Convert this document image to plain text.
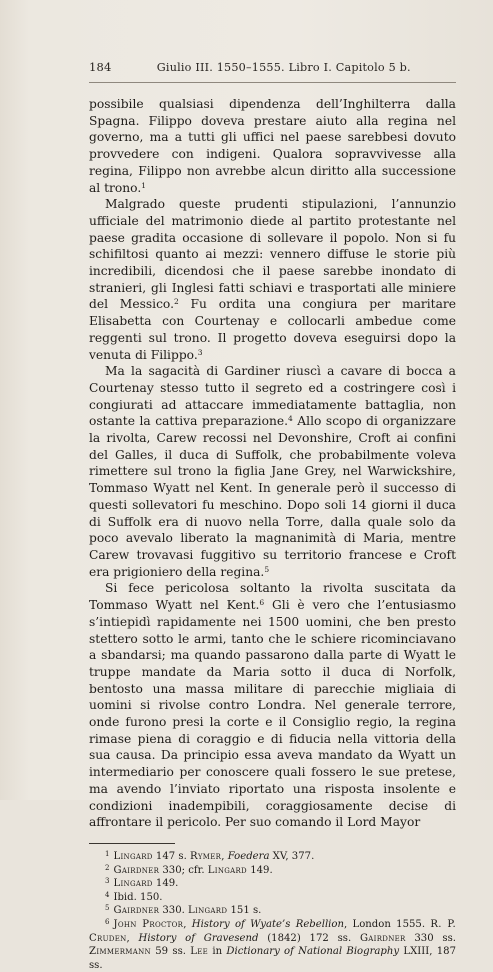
184	Giulio III. 1550–1555. Libro I. Capitolo 5 b.

possibile qualsiasi dipendenza dell’Inghilterra dalla Spagna. Filippo doveva prestare aiuto alla regina nel governo, ma a tutti gli uffici nel paese sarebbesi dovuto provvedere con indigeni. Qualora sopravvivesse alla regina, Filippo non avrebbe alcun diritto alla successione al trono.$^1$

Malgrado queste prudenti stipulazioni, l’annunzio ufficiale del matrimonio diede al partito protestante nel paese gradita occasione di sollevare il popolo. Non si fu schifiltosi quanto ai mezzi: vennero diffuse le storie più incredibili, dicendosi che il paese sarebbe inondato di stranieri, gli Inglesi fatti schiavi e trasportati alle miniere del Messico.$^2$ Fu ordita una congiura per maritare Elisabetta con Courtenay e collocarli ambedue come reggenti sul trono. Il progetto doveva eseguirsi dopo la venuta di Filippo.$^3$

Ma la sagacità di Gardiner riuscì a cavare di bocca a Courtenay stesso tutto il segreto ed a costringere così i congiurati ad attaccare immediatamente battaglia, non ostante la cattiva preparazione.$^4$ Allo scopo di organizzare la rivolta, Carew recossi nel Devonshire, Croft ai confini del Galles, il duca di Suffolk, che probabilmente voleva rimettere sul trono la figlia Jane Grey, nel Warwickshire, Tommaso Wyatt nel Kent. In generale però il successo di questi sollevatori fu meschino. Dopo soli 14 giorni il duca di Suffolk era di nuovo nella Torre, dalla quale solo da poco avevalo liberato la magnanimità di Maria, mentre Carew trovavasi fuggitivo su territorio francese e Croft era prigioniero della regina.$^5$

Si fece pericolosa soltanto la rivolta suscitata da Tommaso Wyatt nel Kent.$^6$ Gli è vero che l’entusiasmo s’intiepidì rapidamente nei 1500 uomini, che ben presto stettero sotto le armi, tanto che le schiere ricominciavano a sbandarsi; ma quando passarono dalla parte di Wyatt le truppe mandate da Maria sotto il duca di Norfolk, bentosto una massa militare di parecchie migliaia di uomini si rivolse contro Londra. Nel generale terrore, onde furono presi la corte e il Consiglio regio, la regina rimase piena di coraggio e di fiducia nella vittoria della sua causa. Da principio essa aveva mandato da Wyatt un intermediario per conoscere quali fossero le sue pretese, ma avendo l’inviato riportato una risposta insolente e condizioni inadempibili, coraggiosamente decise di affrontare il pericolo. Per suo comando il Lord Mayor

$^1$ Lingard 147 s. Rymer, Foedera XV, 377.
$^2$ Gairdner 330; cfr. Lingard 149.
$^3$ Lingard 149.
$^4$ Ibid. 150.
$^5$ Gairdner 330. Lingard 151 s.
$^6$ John Proctor, History of Wyate’s Rebellion, London 1555. R. P. Cruden, History of Gravesend (1842) 172 ss. Gairdner 330 ss. Zimmermann 59 ss. Lee in Dictionary of National Biography LXIII, 187 ss.
